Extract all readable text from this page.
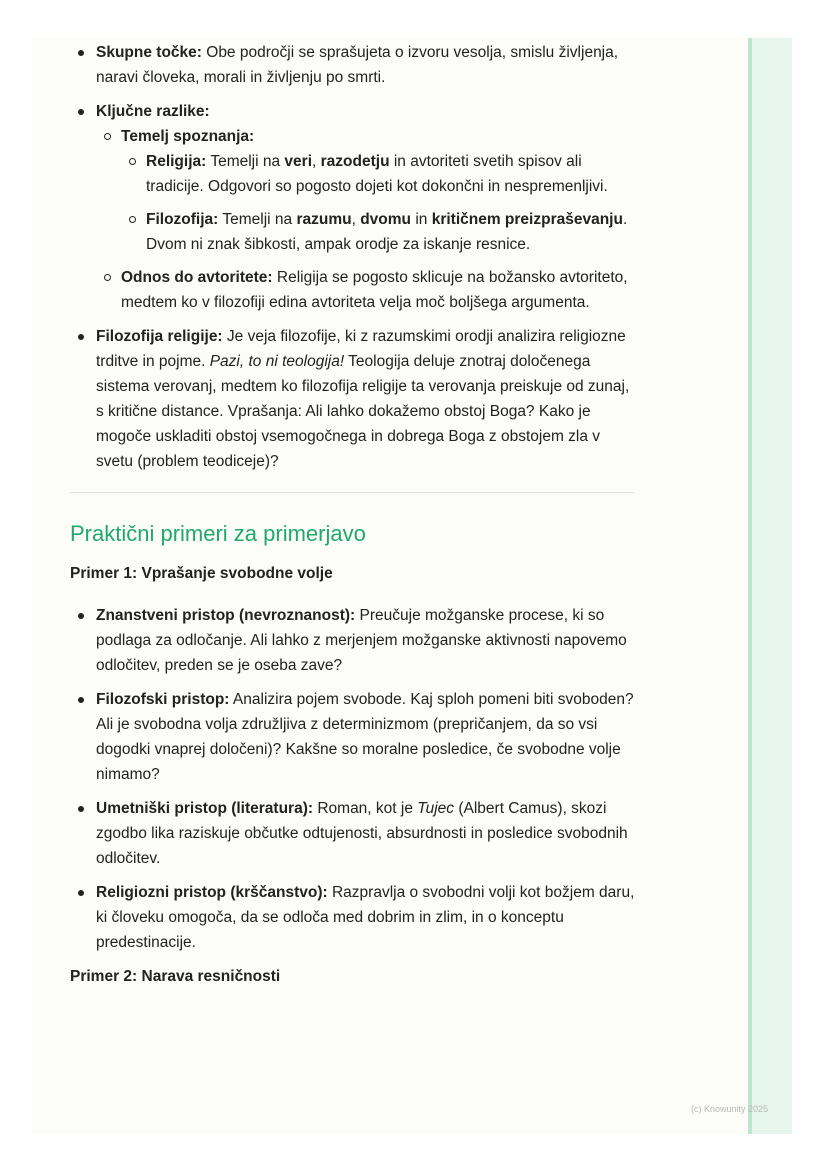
Skupne točke: Obe področji se sprašujeta o izvoru vesolja, smislu življenja, naravi človeka, morali in življenju po smrti.
Ključne razlike:
Temelj spoznanja:
Religija: Temelji na veri, razodetju in avtoriteti svetih spisov ali tradicije. Odgovori so pogosto dojeti kot dokončni in nespremenljivi.
Filozofija: Temelji na razumu, dvomu in kritičnem preizpraševanju. Dvom ni znak šibkosti, ampak orodje za iskanje resnice.
Odnos do avtoritete: Religija se pogosto sklicuje na božansko avtoriteto, medtem ko v filozofiji edina avtoriteta velja moč boljšega argumenta.
Filozofija religije: Je veja filozofije, ki z razumskimi orodji analizira religiozne trditve in pojme. Pazi, to ni teologija! Teologija deluje znotraj določenega sistema verovanj, medtem ko filozofija religije ta verovanja preiskuje od zunaj, s kritične distance. Vprašanja: Ali lahko dokažemo obstoj Boga? Kako je mogoče uskladiti obstoj vsemogočnega in dobrega Boga z obstojem zla v svetu (problem teodiceje)?
Praktični primeri za primerjavo

Primer 1: Vprašanje svobodne volje

Znanstveni pristop (nevroznanost): Preučuje možganske procese, ki so podlaga za odločanje. Ali lahko z merjenjem možganske aktivnosti napovemo odločitev, preden se je oseba zave?
Filozofski pristop: Analizira pojem svobode. Kaj sploh pomeni biti svoboden? Ali je svobodna volja združljiva z determinizmom (prepričanjem, da so vsi dogodki vnaprej določeni)? Kakšne so moralne posledice, če svobodne volje nimamo?
Umetniški pristop (literatura): Roman, kot je Tujec (Albert Camus), skozi zgodbo lika raziskuje občutke odtujenosti, absurdnosti in posledice svobodnih odločitev.
Religiozni pristop (krščanstvo): Razpravlja o svobodni volji kot božjem daru, ki človeku omogoča, da se odloča med dobrim in zlim, in o konceptu predestinacije.

Primer 2: Narava resničnosti

(c) Knowunity 2025
